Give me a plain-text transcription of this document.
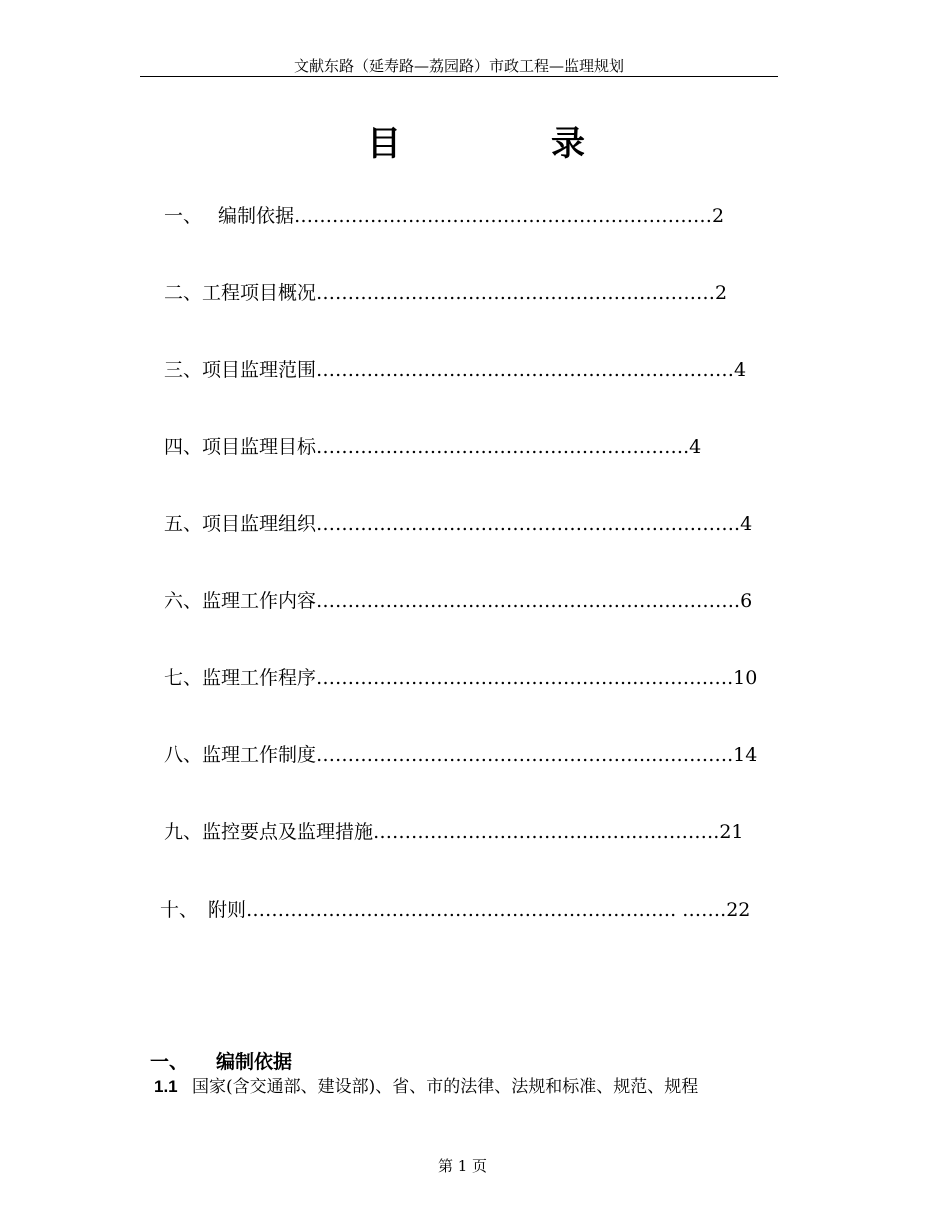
文献东路（延寿路—荔园路）市政工程—监理规划
目	录
一、 编制依据…………………………………………………………2
二、工程项目概况………………………………………………………2
三、项目监理范围…………………………………………………………4
四、项目监理目标………….……………………………………….4
五、项目监理组织………………………………………………………….4
六、监理工作内容………………………………………………………….6
七、监理工作程序…………………………………………..…………….10
八、监理工作制度……………………………………………..………….14
九、监控要点及监理措施……………………………....…..………….21
十、 附则…………………………………………….……………. …….22
一、 编制依据
1.1 国家(含交通部、建设部)、省、市的法律、法规和标准、规范、规程
第 1 页
